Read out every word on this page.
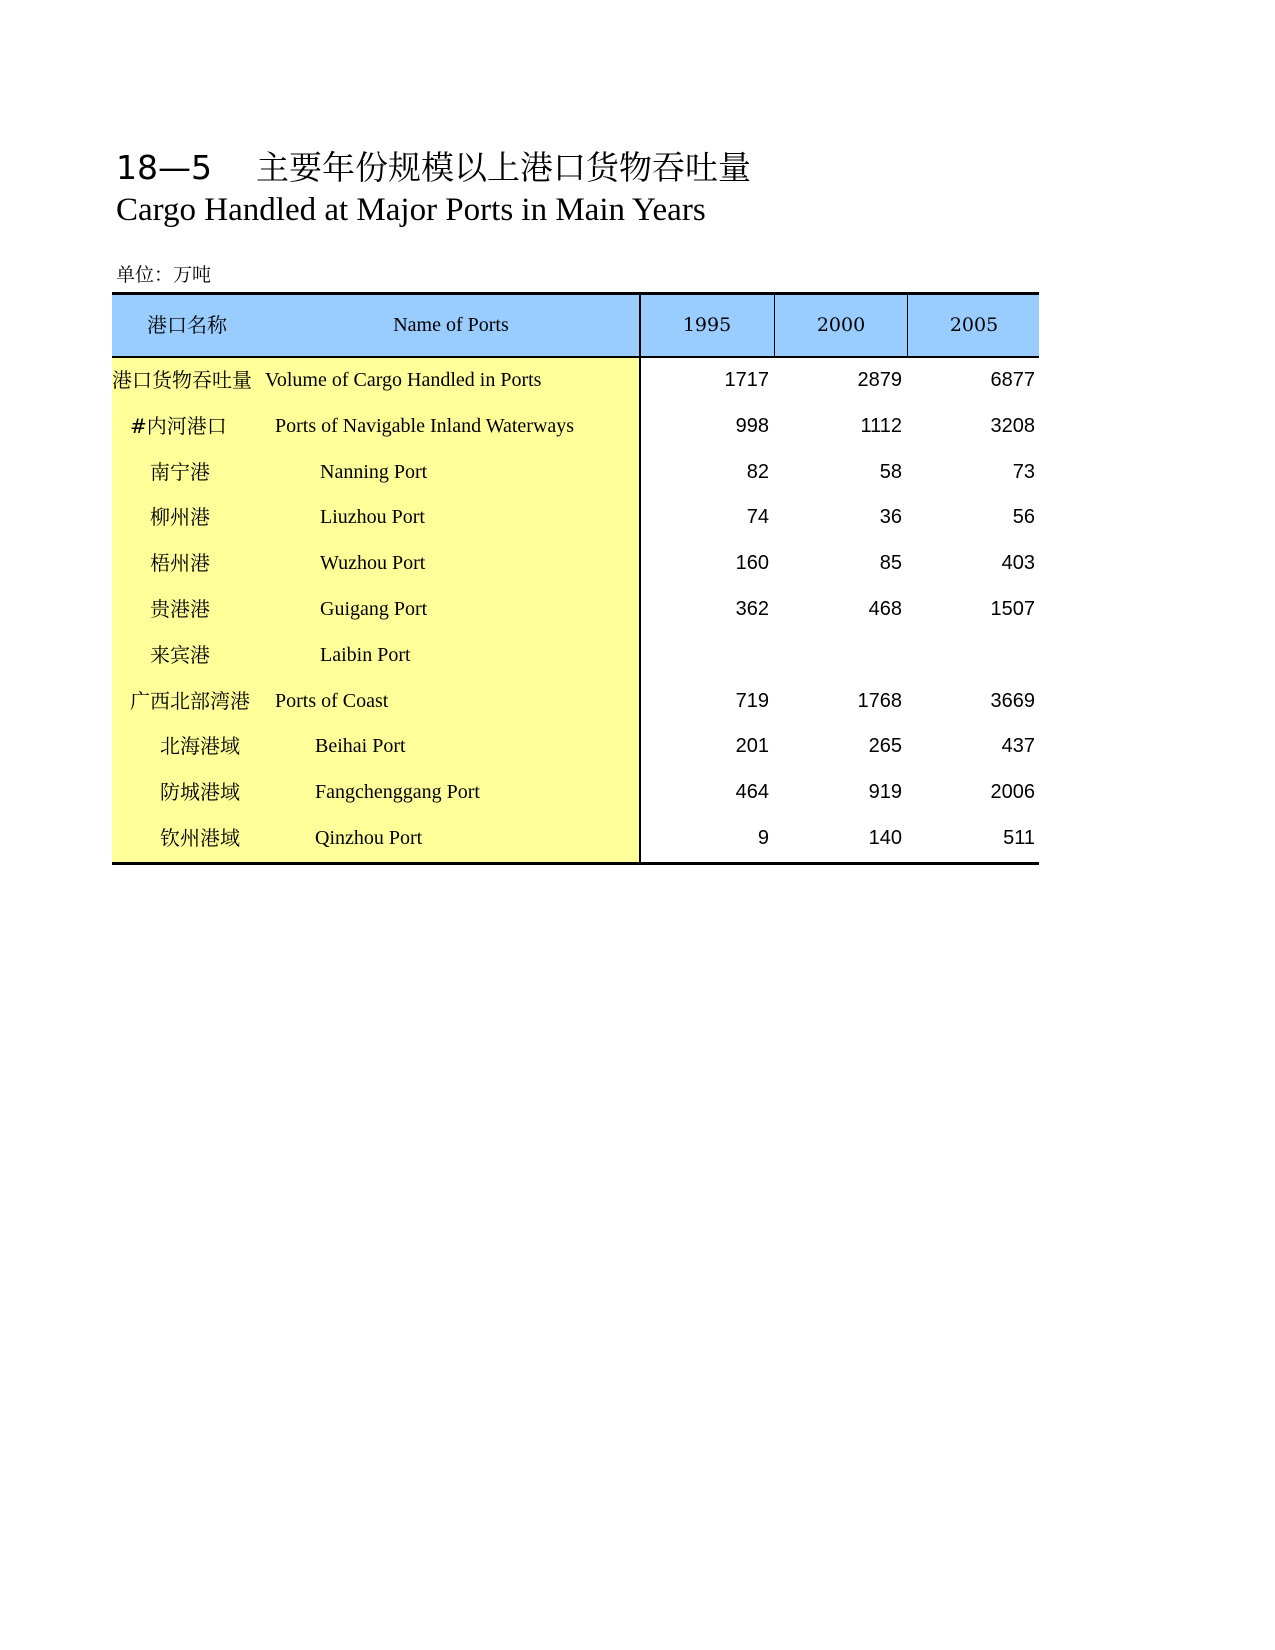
18—5 主要年份规模以上港口货物吞吐量
Cargo Handled at Major Ports in Main Years
单位：万吨
港口名称	Name of Ports	1995	2000	2005
港口货物吞吐量 Volume of Cargo Handled in Ports	1717	2879	6877
#内河港口 Ports of Navigable Inland Waterways	998	1112	3208
南宁港	Nanning Port	82	58	73
柳州港	Liuzhou Port	74	36	56
梧州港	Wuzhou Port	160	85	403
贵港港	Guigang Port	362	468	1507
来宾港	Laibin Port
广西北部湾港 Ports of Coast	719	1768	3669
北海港域	Beihai Port	201	265	437
防城港域	Fangchenggang Port	464	919	2006
钦州港域	Qinzhou Port	9	140	511
